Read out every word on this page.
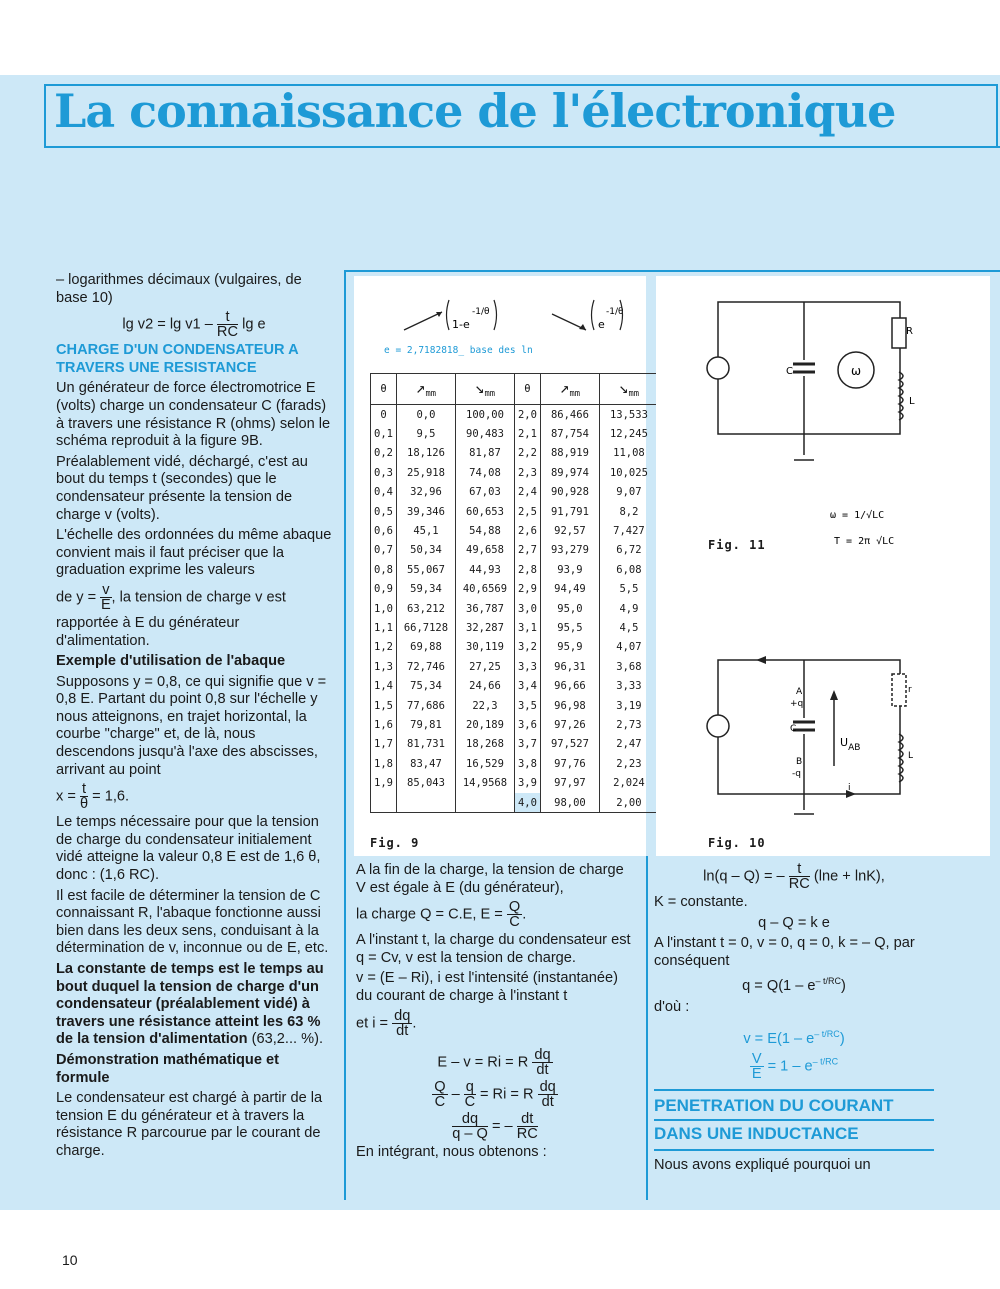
La connaissance de l'électronique

– logarithmes décimaux (vulgaires, de base 10)

$\lg v2 = \lg v1 - \frac{t}{RC}$ lg e

CHARGE D'UN CONDENSATEUR A TRAVERS UNE RESISTANCE

Un générateur de force électromotrice E (volts) charge un condensateur C (farads) à travers une résistance R (ohms) selon le schéma reproduit à la figure 9B.

Préalablement vidé, déchargé, c'est au bout du temps t (secondes) que le condensateur présente la tension de charge v (volts).

L'échelle des ordonnées du même abaque convient mais il faut préciser que la graduation exprime les valeurs

de $y = \frac{v}{E}$ , la tension de charge v est

rapportée à E du générateur d'alimentation.

Exemple d'utilisation de l'abaque

Supposons y = 0,8, ce qui signifie que v = 0,8 E. Partant du point 0,8 sur l'échelle y nous atteignons, en trajet horizontal, la courbe "charge" et, de là, nous descendons jusqu'à l'axe des abscisses, arrivant au point

$x = \frac{t}{\theta} = 1,6$.

Le temps nécessaire pour que la tension de charge du condensateur initialement vidé atteigne la valeur 0,8 E est de 1,6 θ, donc : (1,6 RC).

Il est facile de déterminer la tension de C connaissant R, l'abaque fonctionne aussi bien dans les deux sens, conduisant à la détermination de v, inconnue ou de E, etc.

La constante de temps est le temps au bout duquel la tension de charge d'un condensateur (préalablement vidé) à travers une résistance atteint les 63 % de la tension d'alimentation (63,2... %).

Démonstration mathématique et formule

Le condensateur est chargé à partir de la tension E du générateur et à travers la résistance R parcourue par le courant de charge.

1-e
-1/θ
e
-1/θ
e = 2,7182818_ base des ln
θ	$↗_{mm}$	$↘_{mm}$	θ	$↗_{mm}$	$↘_{mm}$
0	0,0	100,00	2,0	86,466	13,533
0,1	9,5	90,483	2,1	87,754	12,245
0,2	18,126	81,87	2,2	88,919	11,08
0,3	25,918	74,08	2,3	89,974	10,025
0,4	32,96	67,03	2,4	90,928	9,07
0,5	39,346	60,653	2,5	91,791	8,2
0,6	45,1	54,88	2,6	92,57	7,427
0,7	50,34	49,658	2,7	93,279	6,72
0,8	55,067	44,93	2,8	93,9	6,08
0,9	59,34	40,6569	2,9	94,49	5,5
1,0	63,212	36,787	3,0	95,0	4,9
1,1	66,7128	32,287	3,1	95,5	4,5
1,2	69,88	30,119	3,2	95,9	4,07
1,3	72,746	27,25	3,3	96,31	3,68
1,4	75,34	24,66	3,4	96,66	3,33
1,5	77,686	22,3	3,5	96,98	3,19
1,6	79,81	20,189	3,6	97,26	2,73
1,7	81,731	18,268	3,7	97,527	2,47
1,8	83,47	16,529	3,8	97,76	2,23
1,9	85,043	14,9568	3,9	97,97	2,024
			4,0	98,00	2,00
Fig. 9
C	ω
R
L
ω = 1/√LC
T = 2π √LC
Fig. 11
A
+q
C
B
-q
$U_{AB}$
r
L
i
Fig. 10

A la fin de la charge, la tension de charge V est égale à E (du générateur),

la charge Q = C.E, $E = \frac{Q}{C}$ .

A l'instant t, la charge du condensateur est q = Cv, v est la tension de charge.

v = (E – Ri), i est l'intensité (instantanée) du courant de charge à l'instant t

et $i = \frac{dq}{dt}$ .

E – v = Ri = R $\frac{dq}{dt}$

$\frac{Q}{C} - \frac{q}{C} = Ri = R \frac{dq}{dt}$

$\frac{dq}{q - Q}$ = – $\frac{dt}{RC}$

En intégrant, nous obtenons :

ln(q – Q) = – $\frac{t}{RC} (\ln e + \ln K)$,

K = constante.

q – Q = k e

A l'instant t = 0, v = 0, q = 0, k = – Q, par conséquent

$q = Q(1 - e^{- t/RC})$

d'où :

$v = E(1 - e^{- t/RC})$

$\frac{V}{E} = 1 - e^{- t/RC}$

PENETRATION DU COURANT
DANS UNE INDUCTANCE

Nous avons expliqué pourquoi un

10
